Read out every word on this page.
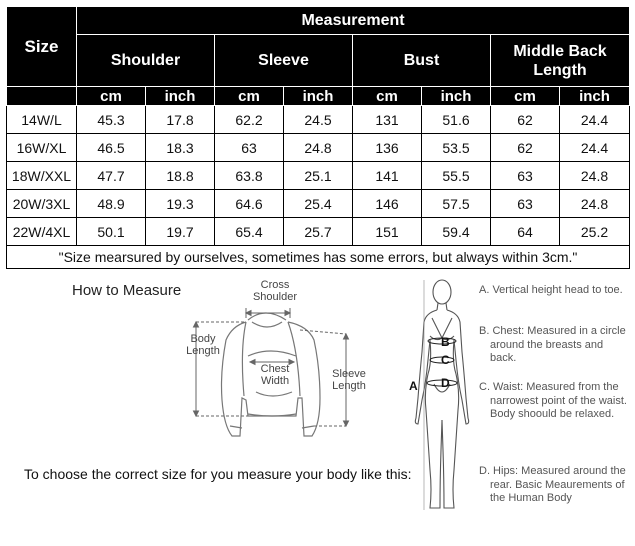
Size	Measurement							
	Shoulder		Sleeve		Bust		Middle Back Length	
	cm	inch	cm	inch	cm	inch	cm	inch
14W/L	45.3	17.8	62.2	24.5	131	51.6	62	24.4
16W/XL	46.5	18.3	63	24.8	136	53.5	62	24.4
18W/XXL	47.7	18.8	63.8	25.1	141	55.5	63	24.8
20W/3XL	48.9	19.3	64.6	25.4	146	57.5	63	24.8
22W/4XL	50.1	19.7	65.4	25.7	151	59.4	64	25.2
"Size mearsured by ourselves, sometimes has some errors, but always within 3cm."								
How to Measure	Cross
Shoulder
Body
Length
Chest
Width
Sleeve
Length
To choose the correct size for you measure your body like this:
A
B
C
D
A. Vertical height head to toe.
B. Chest: Measured in a circle around the breasts and back.
C. Waist: Measured from the narrowest point of the waist. Body shoould be relaxed.
D. Hips: Measured around the rear. Basic Meaurements of the Human Body
